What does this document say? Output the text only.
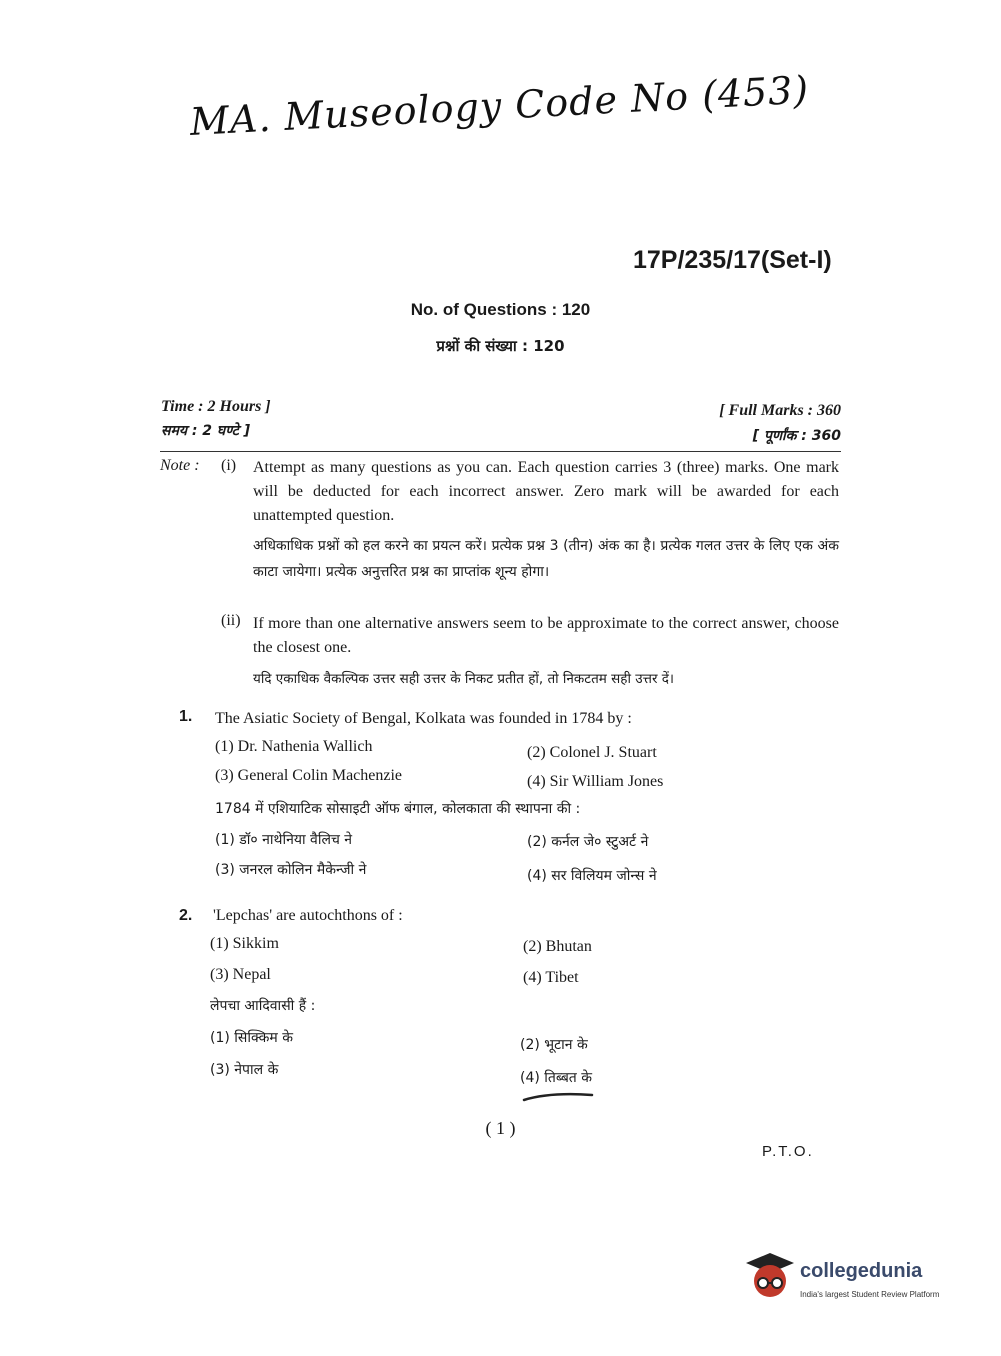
MA. Museology Code No (453)
17P/235/17(Set-I)
No. of Questions : 120
प्रश्नों की संख्या : 120
Time : 2 Hours ]
समय : 2 घण्टे ]
[ Full Marks : 360
[ पूर्णांक : 360
Note : (i) Attempt as many questions as you can. Each question carries 3 (three) marks. One mark will be deducted for each incorrect answer. Zero mark will be awarded for each unattempted question.
अधिकाधिक प्रश्नों को हल करने का प्रयत्न करें। प्रत्येक प्रश्न 3 (तीन) अंक का है। प्रत्येक गलत उत्तर के लिए एक अंक काटा जायेगा। प्रत्येक अनुत्तरित प्रश्न का प्राप्तांक शून्य होगा।
(ii) If more than one alternative answers seem to be approximate to the correct answer, choose the closest one.
यदि एकाधिक वैकल्पिक उत्तर सही उत्तर के निकट प्रतीत हों, तो निकटतम सही उत्तर दें।
1. The Asiatic Society of Bengal, Kolkata was founded in 1784 by :
(1) Dr. Nathenia Wallich	(2) Colonel J. Stuart
(3) General Colin Machenzie	(4) Sir William Jones
1784 में एशियाटिक सोसाइटी ऑफ बंगाल, कोलकाता की स्थापना की :
(1) डॉ० नाथेनिया वैलिच ने	(2) कर्नल जे० स्टुअर्ट ने
(3) जनरल कोलिन मैकेन्जी ने	(4) सर विलियम जोन्स ने
2. 'Lepchas' are autochthons of :
(1) Sikkim	(2) Bhutan
(3) Nepal	(4) Tibet
लेपचा आदिवासी हैं :
(1) सिक्किम के	(2) भूटान के
(3) नेपाल के	(4) तिब्बत के
( 1 )
P.T.O.
collegedunia
India's largest Student Review Platform
